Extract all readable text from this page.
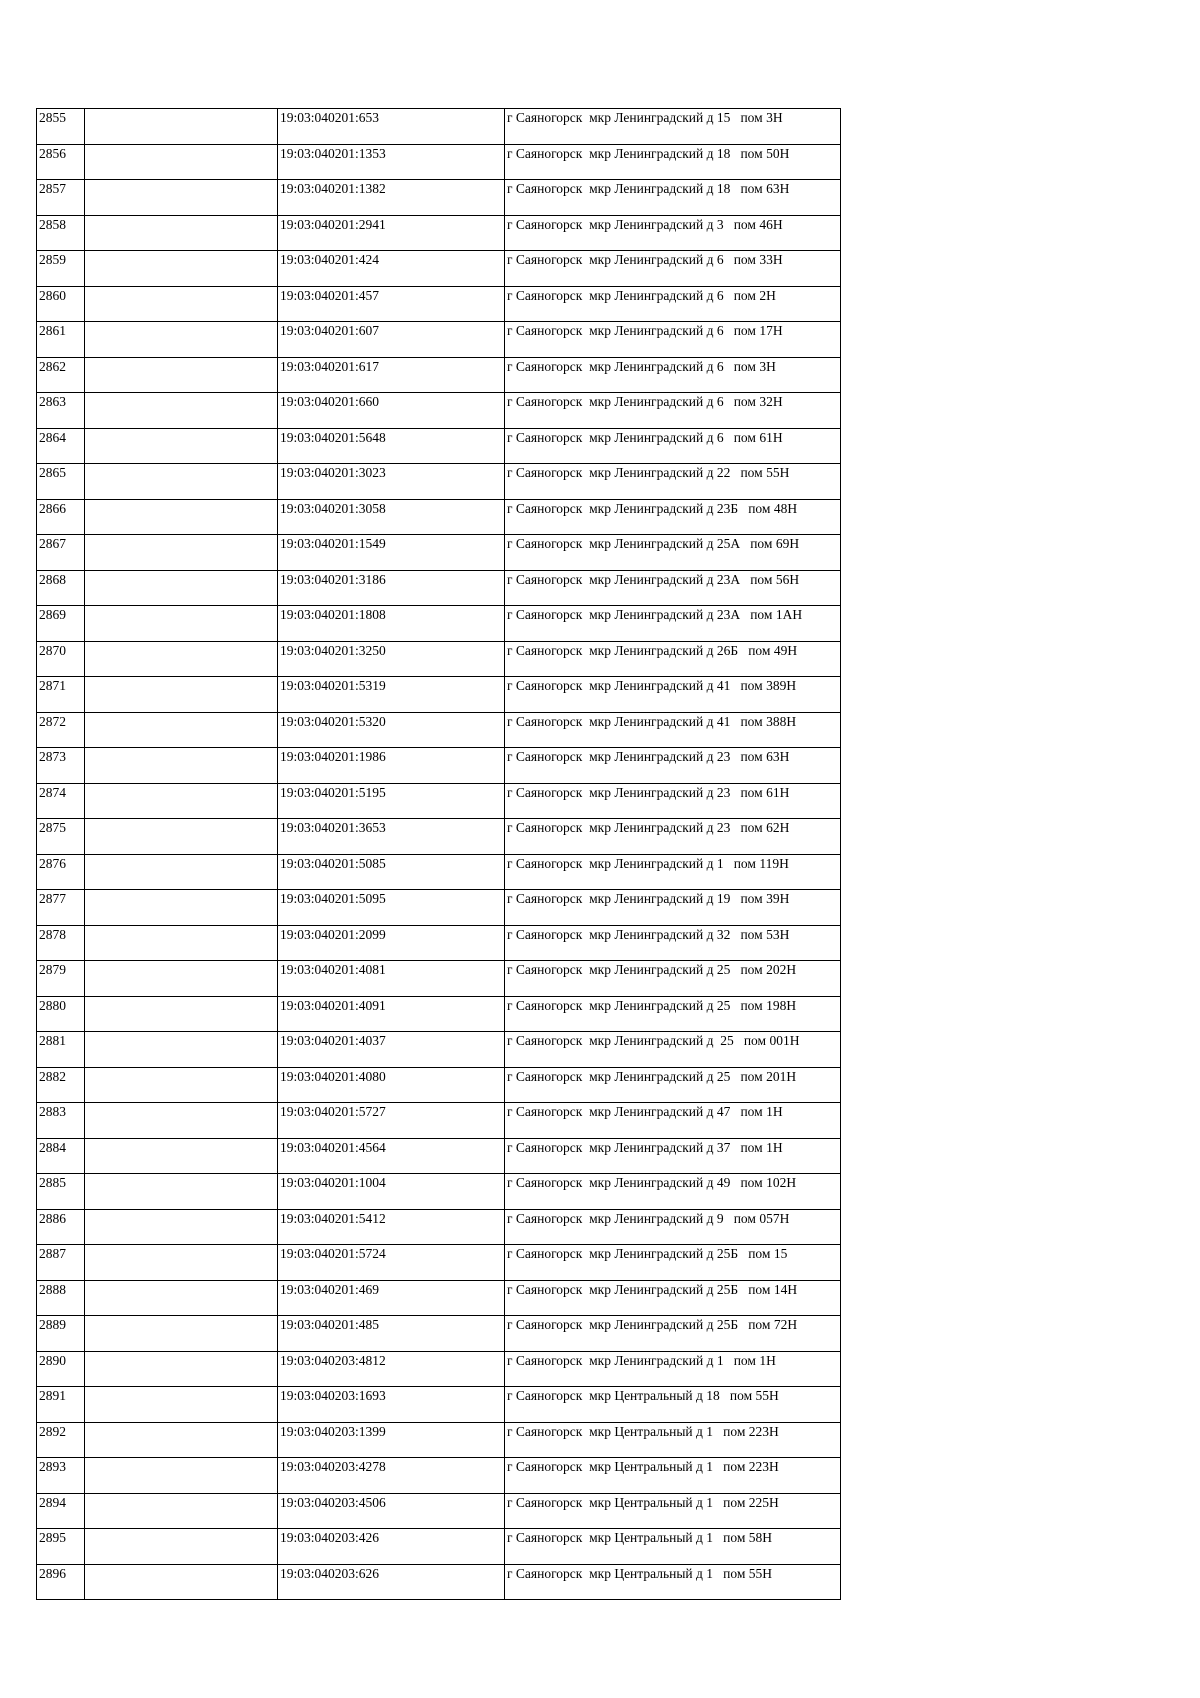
2855		19:03:040201:653	г Саяногорск  мкр Ленинградский д 15   пом 3Н
2856		19:03:040201:1353	г Саяногорск  мкр Ленинградский д 18   пом 50Н
2857		19:03:040201:1382	г Саяногорск  мкр Ленинградский д 18   пом 63Н
2858		19:03:040201:2941	г Саяногорск  мкр Ленинградский д 3   пом 46Н
2859		19:03:040201:424	г Саяногорск  мкр Ленинградский д 6   пом 33Н
2860		19:03:040201:457	г Саяногорск  мкр Ленинградский д 6   пом 2Н
2861		19:03:040201:607	г Саяногорск  мкр Ленинградский д 6   пом 17Н
2862		19:03:040201:617	г Саяногорск  мкр Ленинградский д 6   пом 3Н
2863		19:03:040201:660	г Саяногорск  мкр Ленинградский д 6   пом 32Н
2864		19:03:040201:5648	г Саяногорск  мкр Ленинградский д 6   пом 61Н
2865		19:03:040201:3023	г Саяногорск  мкр Ленинградский д 22   пом 55Н
2866		19:03:040201:3058	г Саяногорск  мкр Ленинградский д 23Б   пом 48Н
2867		19:03:040201:1549	г Саяногорск  мкр Ленинградский д 25А   пом 69Н
2868		19:03:040201:3186	г Саяногорск  мкр Ленинградский д 23А   пом 56Н
2869		19:03:040201:1808	г Саяногорск  мкр Ленинградский д 23А   пом 1АН
2870		19:03:040201:3250	г Саяногорск  мкр Ленинградский д 26Б   пом 49Н
2871		19:03:040201:5319	г Саяногорск  мкр Ленинградский д 41   пом 389Н
2872		19:03:040201:5320	г Саяногорск  мкр Ленинградский д 41   пом 388Н
2873		19:03:040201:1986	г Саяногорск  мкр Ленинградский д 23   пом 63Н
2874		19:03:040201:5195	г Саяногорск  мкр Ленинградский д 23   пом 61Н
2875		19:03:040201:3653	г Саяногорск  мкр Ленинградский д 23   пом 62Н
2876		19:03:040201:5085	г Саяногорск  мкр Ленинградский д 1   пом 119Н
2877		19:03:040201:5095	г Саяногорск  мкр Ленинградский д 19   пом 39Н
2878		19:03:040201:2099	г Саяногорск  мкр Ленинградский д 32   пом 53Н
2879		19:03:040201:4081	г Саяногорск  мкр Ленинградский д 25   пом 202Н
2880		19:03:040201:4091	г Саяногорск  мкр Ленинградский д 25   пом 198Н
2881		19:03:040201:4037	г Саяногорск  мкр Ленинградский д  25   пом 001Н
2882		19:03:040201:4080	г Саяногорск  мкр Ленинградский д 25   пом 201Н
2883		19:03:040201:5727	г Саяногорск  мкр Ленинградский д 47   пом 1Н
2884		19:03:040201:4564	г Саяногорск  мкр Ленинградский д 37   пом 1Н
2885		19:03:040201:1004	г Саяногорск  мкр Ленинградский д 49   пом 102Н
2886		19:03:040201:5412	г Саяногорск  мкр Ленинградский д 9   пом 057Н
2887		19:03:040201:5724	г Саяногорск  мкр Ленинградский д 25Б   пом 15
2888		19:03:040201:469	г Саяногорск  мкр Ленинградский д 25Б   пом 14Н
2889		19:03:040201:485	г Саяногорск  мкр Ленинградский д 25Б   пом 72Н
2890		19:03:040203:4812	г Саяногорск  мкр Ленинградский д 1   пом 1Н
2891		19:03:040203:1693	г Саяногорск  мкр Центральный д 18   пом 55Н
2892		19:03:040203:1399	г Саяногорск  мкр Центральный д 1   пом 223Н
2893		19:03:040203:4278	г Саяногорск  мкр Центральный д 1   пом 223Н
2894		19:03:040203:4506	г Саяногорск  мкр Центральный д 1   пом 225Н
2895		19:03:040203:426	г Саяногорск  мкр Центральный д 1   пом 58Н
2896		19:03:040203:626	г Саяногорск  мкр Центральный д 1   пом 55Н
